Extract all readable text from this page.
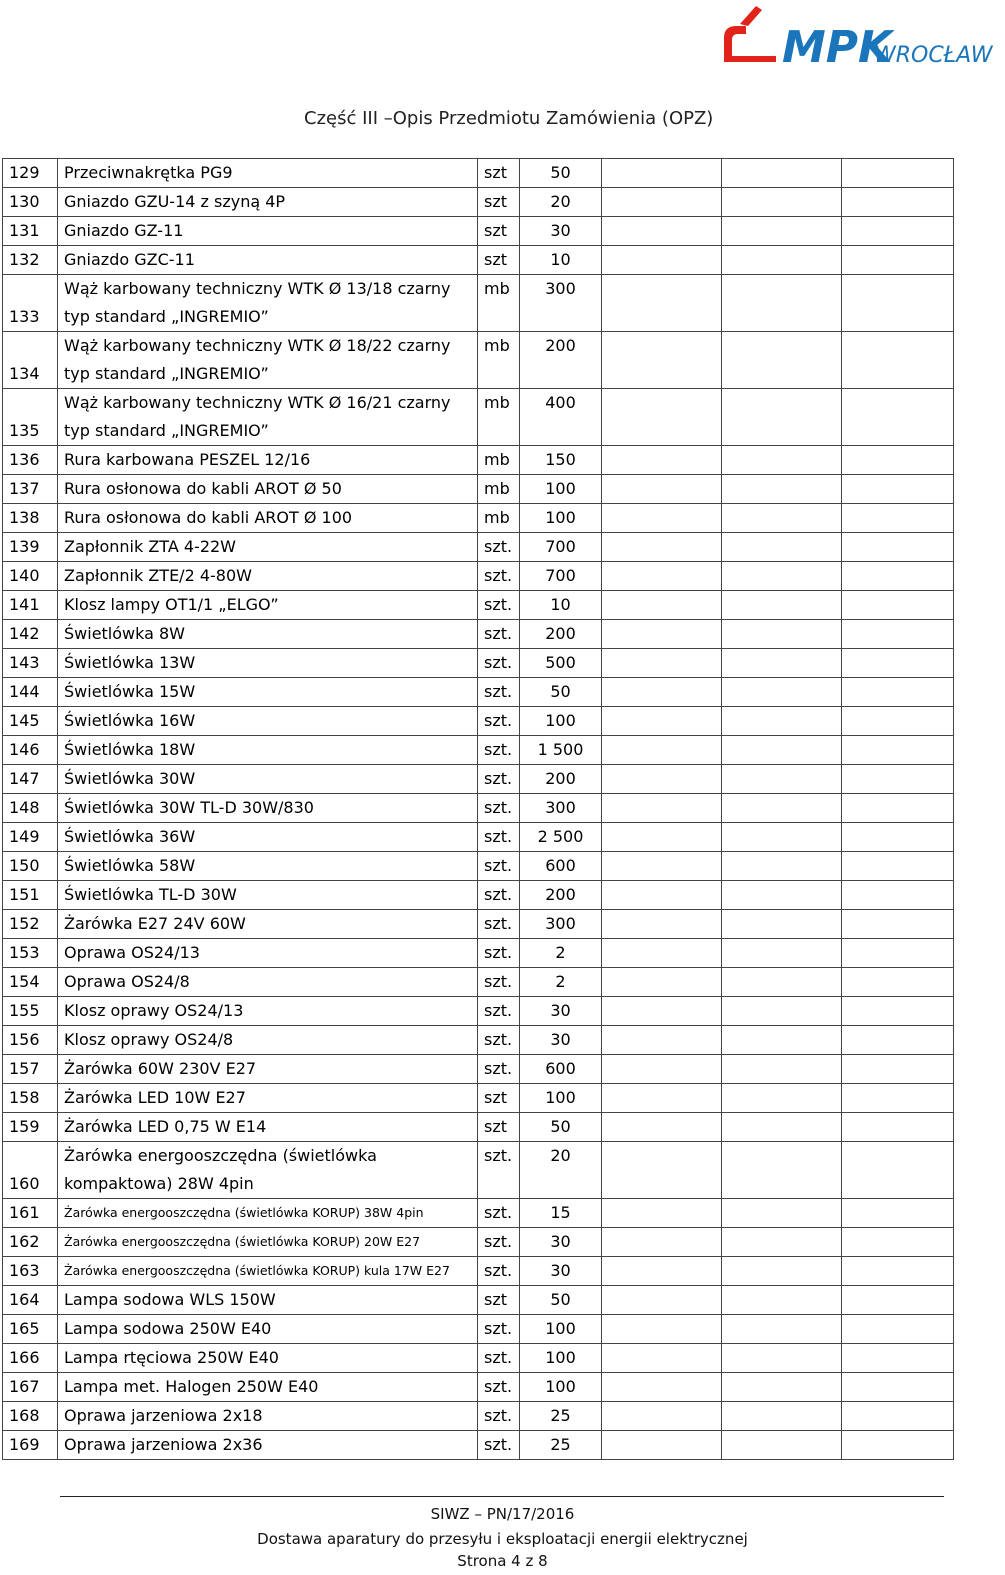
MPK
WROCŁAW
Część III –Opis Przedmiotu Zamówienia (OPZ)
129	Przeciwnakrętka PG9	szt	50			
130	Gniazdo GZU-14 z szyną 4P	szt	20			
131	Gniazdo GZ-11	szt	30			
132	Gniazdo GZC-11	szt	10			
133	Wąż karbowany techniczny WTK Ø 13/18 czarny
typ standard „INGREMIO”	mb	300			
134	Wąż karbowany techniczny WTK Ø 18/22 czarny
typ standard „INGREMIO”	mb	200			
135	Wąż karbowany techniczny WTK Ø 16/21 czarny
typ standard „INGREMIO”	mb	400			
136	Rura karbowana PESZEL 12/16	mb	150			
137	Rura osłonowa do kabli AROT Ø 50	mb	100			
138	Rura osłonowa do kabli AROT Ø 100	mb	100			
139	Zapłonnik ZTA 4-22W	szt.	700			
140	Zapłonnik ZTE/2 4-80W	szt.	700			
141	Klosz lampy OT1/1 „ELGO”	szt.	10			
142	Świetlówka 8W	szt.	200			
143	Świetlówka 13W	szt.	500			
144	Świetlówka 15W	szt.	50			
145	Świetlówka 16W	szt.	100			
146	Świetlówka 18W	szt.	1 500			
147	Świetlówka 30W	szt.	200			
148	Świetlówka 30W TL-D 30W/830	szt.	300			
149	Świetlówka 36W	szt.	2 500			
150	Świetlówka 58W	szt.	600			
151	Świetlówka TL-D 30W	szt.	200			
152	Żarówka E27 24V 60W	szt.	300			
153	Oprawa OS24/13	szt.	2			
154	Oprawa OS24/8	szt.	2			
155	Klosz oprawy OS24/13	szt.	30			
156	Klosz oprawy OS24/8	szt.	30			
157	Żarówka 60W 230V E27	szt.	600			
158	Żarówka LED 10W E27	szt	100			
159	Żarówka LED 0,75 W E14	szt	50			
160	Żarówka energooszczędna (świetlówka
kompaktowa) 28W 4pin	szt.	20			
161	Żarówka energooszczędna (świetlówka KORUP) 38W 4pin	szt.	15			
162	Żarówka energooszczędna (świetlówka KORUP) 20W E27	szt.	30			
163	Żarówka energooszczędna (świetlówka KORUP) kula 17W E27	szt.	30			
164	Lampa sodowa WLS 150W	szt	50			
165	Lampa sodowa 250W E40	szt.	100			
166	Lampa rtęciowa 250W E40	szt.	100			
167	Lampa met. Halogen 250W E40	szt.	100			
168	Oprawa jarzeniowa 2x18	szt.	25			
169	Oprawa jarzeniowa 2x36	szt.	25			
SIWZ – PN/17/2016
Dostawa aparatury do przesyłu i eksploatacji energii elektrycznej
Strona 4 z 8
